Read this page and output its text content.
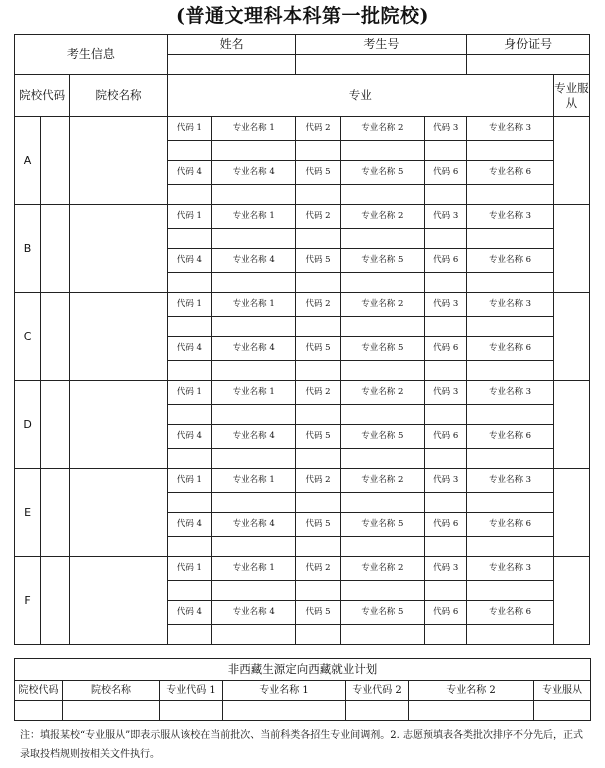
(普通文理科本科第一批院校)
考生信息			姓名		考生号			身份证号	

院校代码		院校名称	专业						专业服从
A			代码 1	专业名称 1	代码 2	专业名称 2	代码 3	专业名称 3	

			代码 4	专业名称 4	代码 5	专业名称 5	代码 6	专业名称 6	

B			代码 1	专业名称 1	代码 2	专业名称 2	代码 3	专业名称 3	

			代码 4	专业名称 4	代码 5	专业名称 5	代码 6	专业名称 6	

C			代码 1	专业名称 1	代码 2	专业名称 2	代码 3	专业名称 3	

			代码 4	专业名称 4	代码 5	专业名称 5	代码 6	专业名称 6	

D			代码 1	专业名称 1	代码 2	专业名称 2	代码 3	专业名称 3	

			代码 4	专业名称 4	代码 5	专业名称 5	代码 6	专业名称 6	

E			代码 1	专业名称 1	代码 2	专业名称 2	代码 3	专业名称 3	

			代码 4	专业名称 4	代码 5	专业名称 5	代码 6	专业名称 6	

F			代码 1	专业名称 1	代码 2	专业名称 2	代码 3	专业名称 3	

			代码 4	专业名称 4	代码 5	专业名称 5	代码 6	专业名称 6	

非西藏生源定向西藏就业计划						
院校代码	院校名称	专业代码 1	专业名称 1	专业代码 2	专业名称 2	专业服从

注：填报某校“专业服从”即表示服从该校在当前批次、当前科类各招生专业间调剂。2. 志愿预填表各类批次排序不分先后，正式录取投档规则按相关文件执行。
